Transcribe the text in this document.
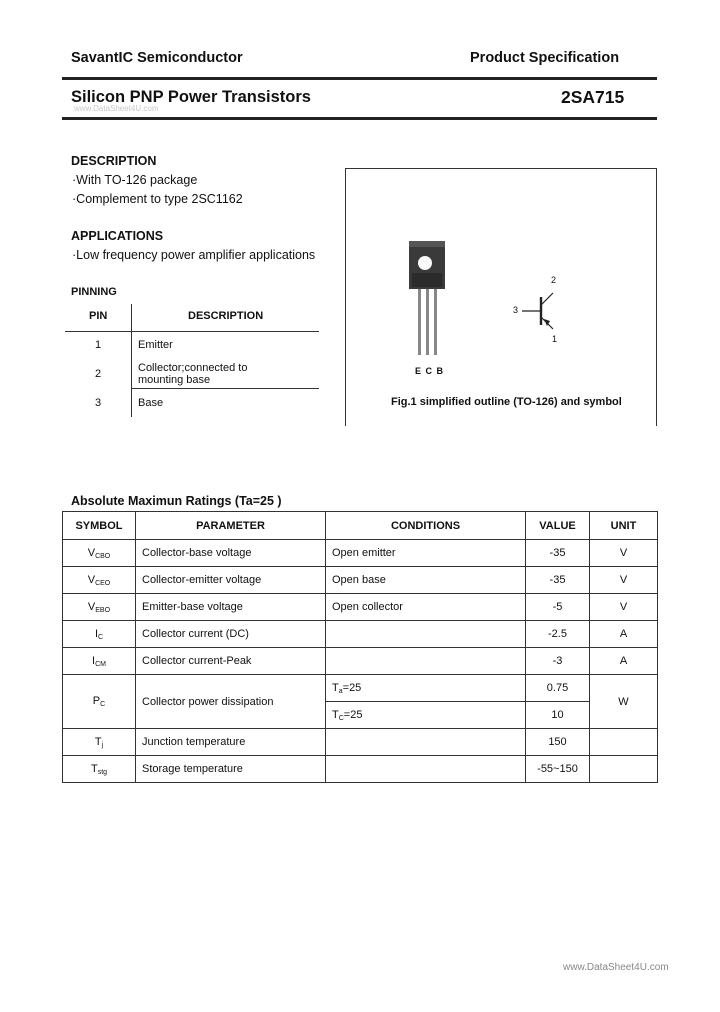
SavantIC Semiconductor	Product Specification
Silicon PNP Power Transistors	2SA715
www.DataSheet4U.com
DESCRIPTION
·With TO-126 package
·Complement to type 2SC1162
APPLICATIONS
·Low frequency power amplifier applications
PINNING
PIN	DESCRIPTION
1	Emitter
2	Collector;connected to
mounting base
3	Base
E C B
2
3
1
Fig.1 simplified outline (TO-126) and symbol
Absolute Maximun Ratings (Ta=25 )
SYMBOL	PARAMETER	CONDITIONS	VALUE	UNIT
$V_{CBO}$	Collector-base voltage	Open emitter	-35	V
$V_{CEO}$	Collector-emitter voltage	Open base	-35	V
$V_{EBO}$	Emitter-base voltage	Open collector	-5	V
$I_C$	Collector current (DC)		-2.5	A
$I_{CM}$	Collector current-Peak		-3	A
$P_C$	Collector power dissipation	$T_a=25$	0.75	W
		$T_C=25$	10	
$T_j$	Junction temperature		150	
$T_{stg}$	Storage temperature		-55~150	
www.DataSheet4U.com
